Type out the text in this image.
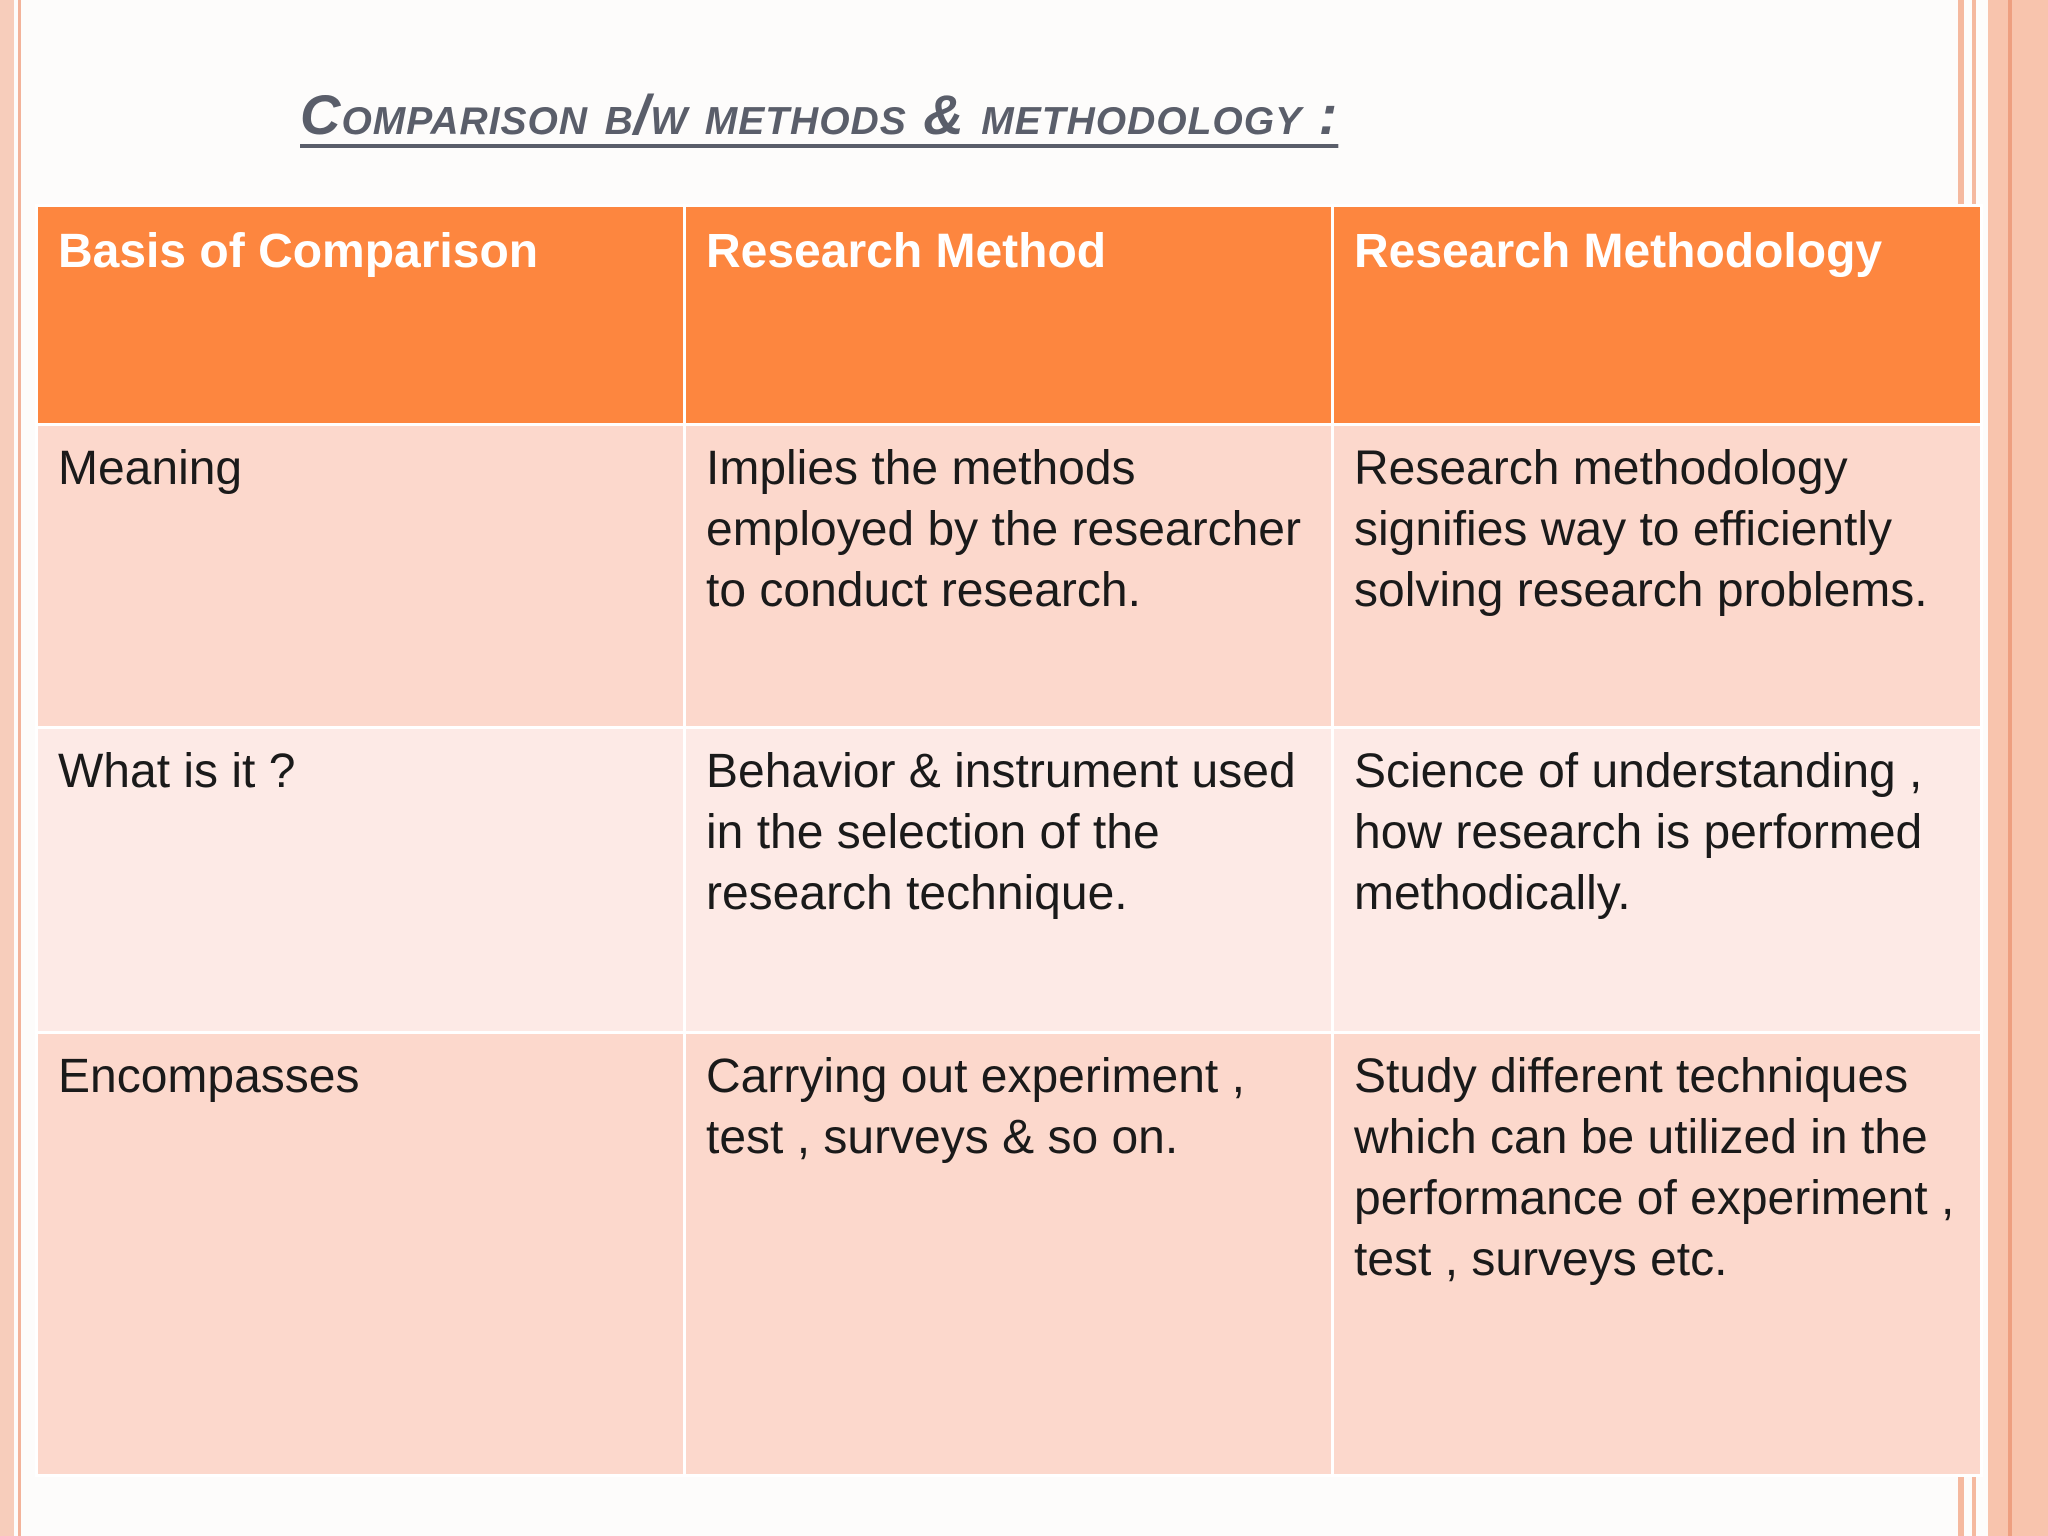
Comparison b/w methods & methodology :
Basis of Comparison	Research Method	Research Methodology
Meaning	Implies the methods employed by the researcher to conduct research.	Research methodology signifies way to efficiently solving research problems.
What is it ?	Behavior & instrument used in the selection of the research technique.	Science of understanding , how research is performed methodically.
Encompasses	Carrying out experiment , test , surveys & so on.	Study different techniques which can be utilized in the performance of experiment , test , surveys etc.
